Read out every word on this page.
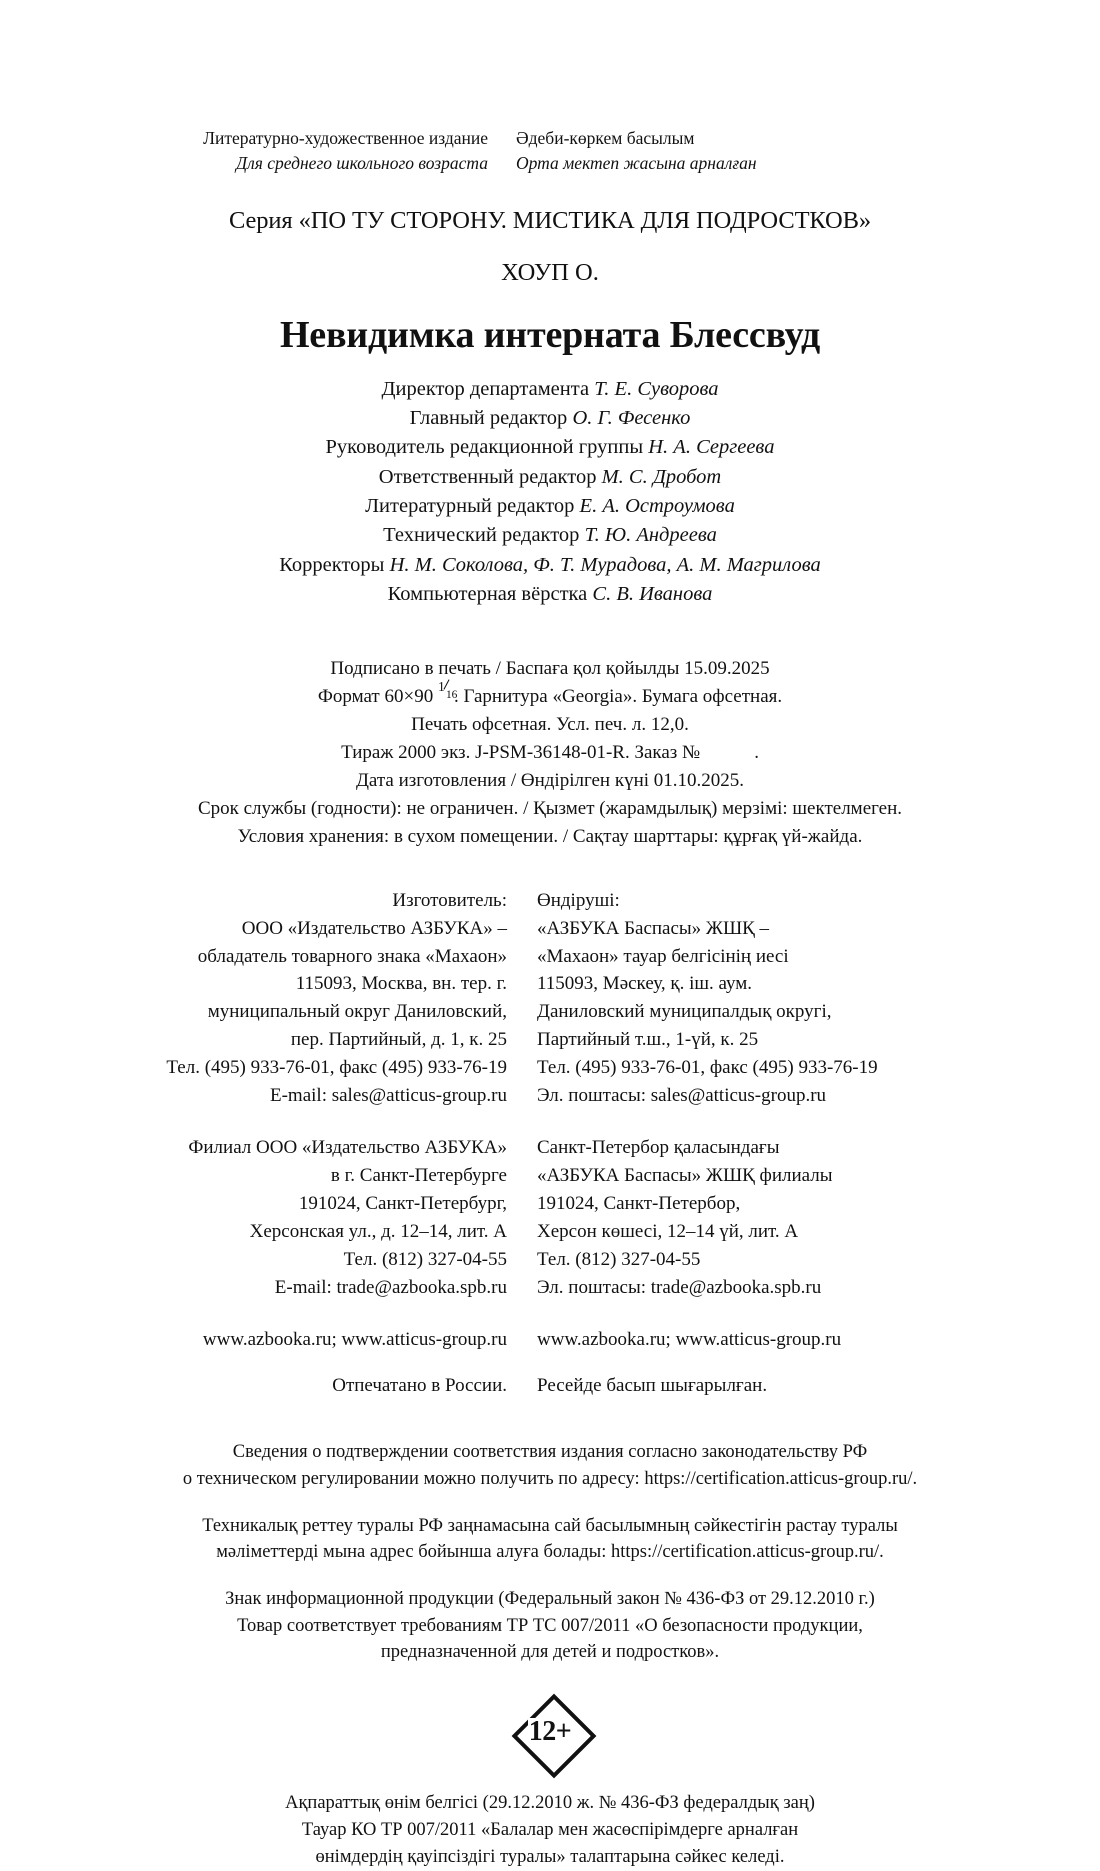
Литературно-художественное издание
Для среднего школьного возраста
Әдеби-көркем басылым
Орта мектеп жасына арналған
Серия «ПО ТУ СТОРОНУ. МИСТИКА ДЛЯ ПОДРОСТКОВ»
ХОУП О.
Невидимка интерната Блессвуд
Директор департамента Т. Е. Суворова
Главный редактор О. Г. Фесенко
Руководитель редакционной группы Н. А. Сергеева
Ответственный редактор М. С. Дробот
Литературный редактор Е. А. Остроумова
Технический редактор Т. Ю. Андреева
Корректоры Н. М. Соколова, Ф. Т. Мурадова, А. М. Магрилова
Компьютерная вёрстка С. В. Иванова
Подписано в печать / Баспаға қол қойылды 15.09.2025
Формат 60×90 1
16
. Гарнитура «Georgia». Бумага офсетная.
Печать офсетная. Усл. печ. л. 12,0.
Тираж 2000 экз. J-PSM-36148-01-R. Заказ №	.
Дата изготовления / Өндірілген күні 01.10.2025.
Срок службы (годности): не ограничен. / Қызмет (жарамдылық) мерзімі: шектелмеген.
Условия хранения: в сухом помещении. / Сақтау шарттары: құрғақ үй-жайда.
Изготовитель:
ООО «Издательство АЗБУКА» –
обладатель товарного знака «Махаон»
115093, Москва, вн. тер. г.
муниципальный округ Даниловский,
пер. Партийный, д. 1, к. 25
Тел. (495) 933-76-01, факс (495) 933-76-19
E-mail: sales@atticus-group.ru
Өндіруші:
«АЗБУКА Баспасы» ЖШҚ –
«Махаон» тауар белгісінің иесі
115093, Мәскеу, қ. іш. аум.
Даниловский муниципалдық округі,
Партийный т.ш., 1-үй, к. 25
Тел. (495) 933-76-01, факс (495) 933-76-19
Эл. поштасы: sales@atticus-group.ru
Филиал ООО «Издательство АЗБУКА»
в г. Санкт-Петербурге
191024, Санкт-Петербург,
Херсонская ул., д. 12–14, лит. А
Тел. (812) 327-04-55
E-mail: trade@azbooka.spb.ru
Санкт-Петербор қаласындағы
«АЗБУКА Баспасы» ЖШҚ филиалы
191024, Санкт-Петербор,
Херсон көшесі, 12–14 үй, лит. А
Тел. (812) 327-04-55
Эл. поштасы: trade@azbooka.spb.ru
www.azbooka.ru; www.atticus-group.ru
Отпечатано в России.
www.azbooka.ru; www.atticus-group.ru
Ресейде басып шығарылған.
Сведения о подтверждении соответствия издания согласно законодательству РФ
о техническом регулировании можно получить по адресу: https://certification.atticus-group.ru/.
Техникалық реттеу туралы РФ заңнамасына сай басылымның сәйкестігін растау туралы
мәліметтерді мына адрес бойынша алуға болады: https://certification.atticus-group.ru/.
Знак информационной продукции (Федеральный закон № 436-ФЗ от 29.12.2010 г.)
Товар соответствует требованиям ТР ТС 007/2011 «О безопасности продукции,
предназначенной для детей и подростков».
12+
Ақпараттық өнім белгісі (29.12.2010 ж. № 436-ФЗ федералдық заң)
Тауар КО ТР 007/2011 «Балалар мен жасөспірімдерге арналған
өнімдердің қауіпсіздігі туралы» талаптарына сәйкес келеді.
